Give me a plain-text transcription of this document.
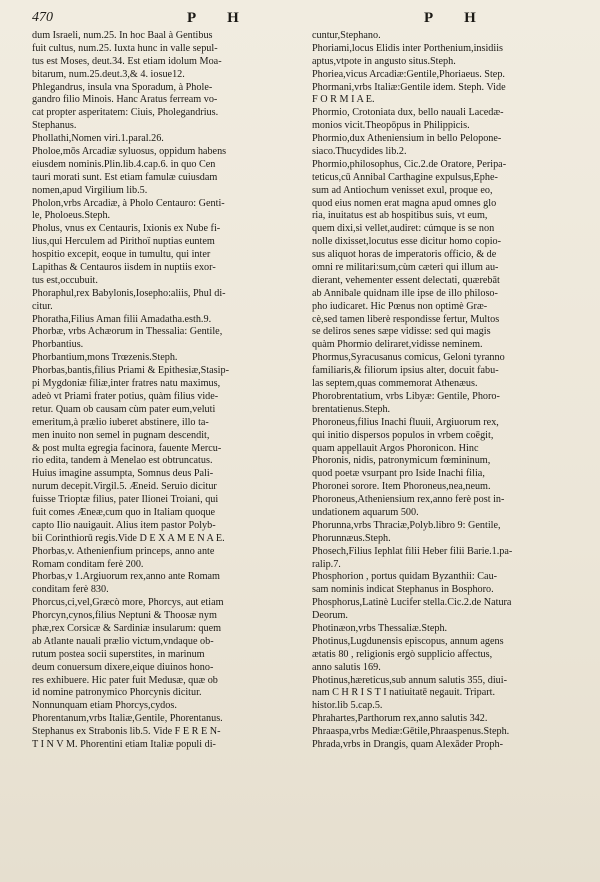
470	P H	P H
dum Israeli, num.25. In hoc Baal à Gentibus
fuit cultus, num.25. Iuxta hunc in valle sepul-
tus est Moses, deut.34. Est etiam idolum Moa-
bitarum, num.25.deut.3,& 4. iosue12.
Phlegandrus, insula vna Sporadum, à Phole-
gandro filio Minois. Hanc Aratus ferream vo-
cat propter asperitatem: Ciuis, Pholegandrius.
Stephanus.
Phollathi,Nomen viri.1.paral.26.
Pholoe,mōs Arcadiæ syluosus, oppidum habens
eiusdem nominis.Plin.lib.4.cap.6. in quo Cen
tauri morati sunt. Est etiam famulæ cuiusdam
nomen,apud Virgilium lib.5.
Pholon,vrbs Arcadiæ, à Pholo Centauro: Genti-
le, Pholoeus.Steph.
Pholus, vnus ex Centauris, Ixionis ex Nube fi-
lius,qui Herculem ad Pirithoï nuptias euntem
hospitio excepit, eoque in tumultu, qui inter
Lapithas & Centauros iisdem in nuptiis exor-
tus est,occubuit.
Phoraphul,rex Babylonis,Iosepho:aliis, Phul di-
citur.
Phoratha,Filius Aman filii Amadatha.esth.9.
Phorbæ, vrbs Achæorum in Thessalia: Gentile,
Phorbantius.
Phorbantium,mons Trœzenis.Steph.
Phorbas,bantis,filius Priami & Epithesiæ,Stasip-
pi Mygdoniæ filiæ,inter fratres natu maximus,
adeò vt Priami frater potius, quàm filius vide-
retur. Quam ob causam cùm pater eum,veluti
emeritum,à prælio iuberet abstinere, illo ta-
men inuito non semel in pugnam descendit,
& post multa egregia facinora, fauente Mercu-
rio edita, tandem à Menelao est obtruncatus.
Huius imagine assumpta, Somnus deus Pali-
nurum decepit.Virgil.5. Æneid. Seruio dicitur
fuisse Trioptæ filius, pater Ilionei Troiani, qui
fuit comes Æneæ,cum quo in Italiam quoque
capto Ilio nauigauit. Alius item pastor Polyb-
bii Corinthiorū regis.Vide D E X A M E N A E.
Phorbas,v. Athenienfium princeps, anno ante
Romam conditam ferè 200.
Phorbas,v 1.Argiuorum rex,anno ante Romam
conditam ferè 830.
Phorcus,ci,vel,Græcò more, Phorcys, aut etiam
Phorcyn,cynos,filius Neptuni & Thoosæ nym
phæ,rex Corsicæ & Sardiniæ insularum: quem
ab Atlante nauali prælio victum,vndaque ob-
rutum postea socii superstites, in marinum
deum conuersum dixere,eique diuinos hono-
res exhibuere. Hic pater fuit Medusæ, quæ ob
id nomine patronymico Phorcynis dicitur.
Nonnunquam etiam Phorcys,cydos.
Phorentanum,vrbs Italiæ,Gentile, Phorentanus.
Stephanus ex Strabonis lib.5. Vide F E R E N-
T I N V M. Phorentini etiam Italiæ populi di-
cuntur,Stephano.
Phoriami,locus Elidis inter Porthenium,insidiis
aptus,vtpote in angusto situs.Steph.
Phoriea,vicus Arcadiæ:Gentile,Phoriaeus. Step.
Phormani,vrbs Italiæ:Gentile idem. Steph. Vide
F O R M I A E.
Phormio, Crotoniata dux, bello nauali Lacedæ-
monios vicit.Theopōpus in Philippicis.
Phormio,dux Atheniensium in bello Pelopone-
siaco.Thucydides lib.2.
Phormio,philosophus, Cic.2.de Oratore, Peripa-
teticus,cū Annibal Carthagine expulsus,Ephe-
sum ad Antiochum venisset exul, proque eo,
quod eius nomen erat magna apud omnes glo
ria, inuitatus est ab hospitibus suis, vt eum,
quem dixi,si vellet,audiret: cúmque is se non
nolle dixisset,locutus esse dicitur homo copio-
sus aliquot horas de imperatoris officio, & de
omni re militari:sum,cùm cæteri qui illum au-
dierant, vehementer essent delectati, quærebāt
ab Annibale quidnam ille ipse de illo philoso-
pho iudicaret. Hic Pœnus non optimè Græ-
cè,sed tamen liberè respondisse fertur, Multos
se deliros senes sæpe vidisse: sed qui magis
quàm Phormio deliraret,vidisse neminem.
Phormus,Syracusanus comicus, Geloni tyranno
familiaris,& filiorum ipsius alter, docuit fabu-
las septem,quas commemorat Athenæus.
Phorobrentatium, vrbs Libyæ: Gentile, Phoro-
brentatienus.Steph.
Phoroneus,filius Inachi fluuii, Argiuorum rex,
qui initio dispersos populos in vrbem coēgit,
quam appellauit Argos Phoronicon. Hinc
Phoronis, nidis, patronymicum fœmininum,
quod poetæ vsurpant pro Iside Inachi filia,
Phoronei sorore. Item Phoroneus,nea,neum.
Phoroneus,Atheniensium rex,anno ferè post in-
undationem aquarum 500.
Phorunna,vrbs Thraciæ,Polyb.libro 9: Gentile,
Phorunnæus.Steph.
Phosech,Filius Iephlat filii Heber filii Barie.1.pa-
ralip.7.
Phosphorion , portus quidam Byzanthii: Cau-
sam nominis indicat Stephanus in Bosphoro.
Phosphorus,Latinè Lucifer stella.Cic.2.de Natura
Deorum.
Photinæon,vrbs Thessaliæ.Steph.
Photinus,Lugdunensis episcopus, annum agens
ætatis 80 , religionis ergò supplicio affectus,
anno salutis 169.
Photinus,hæreticus,sub annum salutis 355, diui-
nam C H R I S T I natiuitatē negauit. Tripart.
histor.lib 5.cap.5.
Phrahartes,Parthorum rex,anno salutis 342.
Phraaspa,vrbs Mediæ:Gētile,Phraaspenus.Steph.
Phrada,vrbs in Drangis, quam Alexāder Proph-
